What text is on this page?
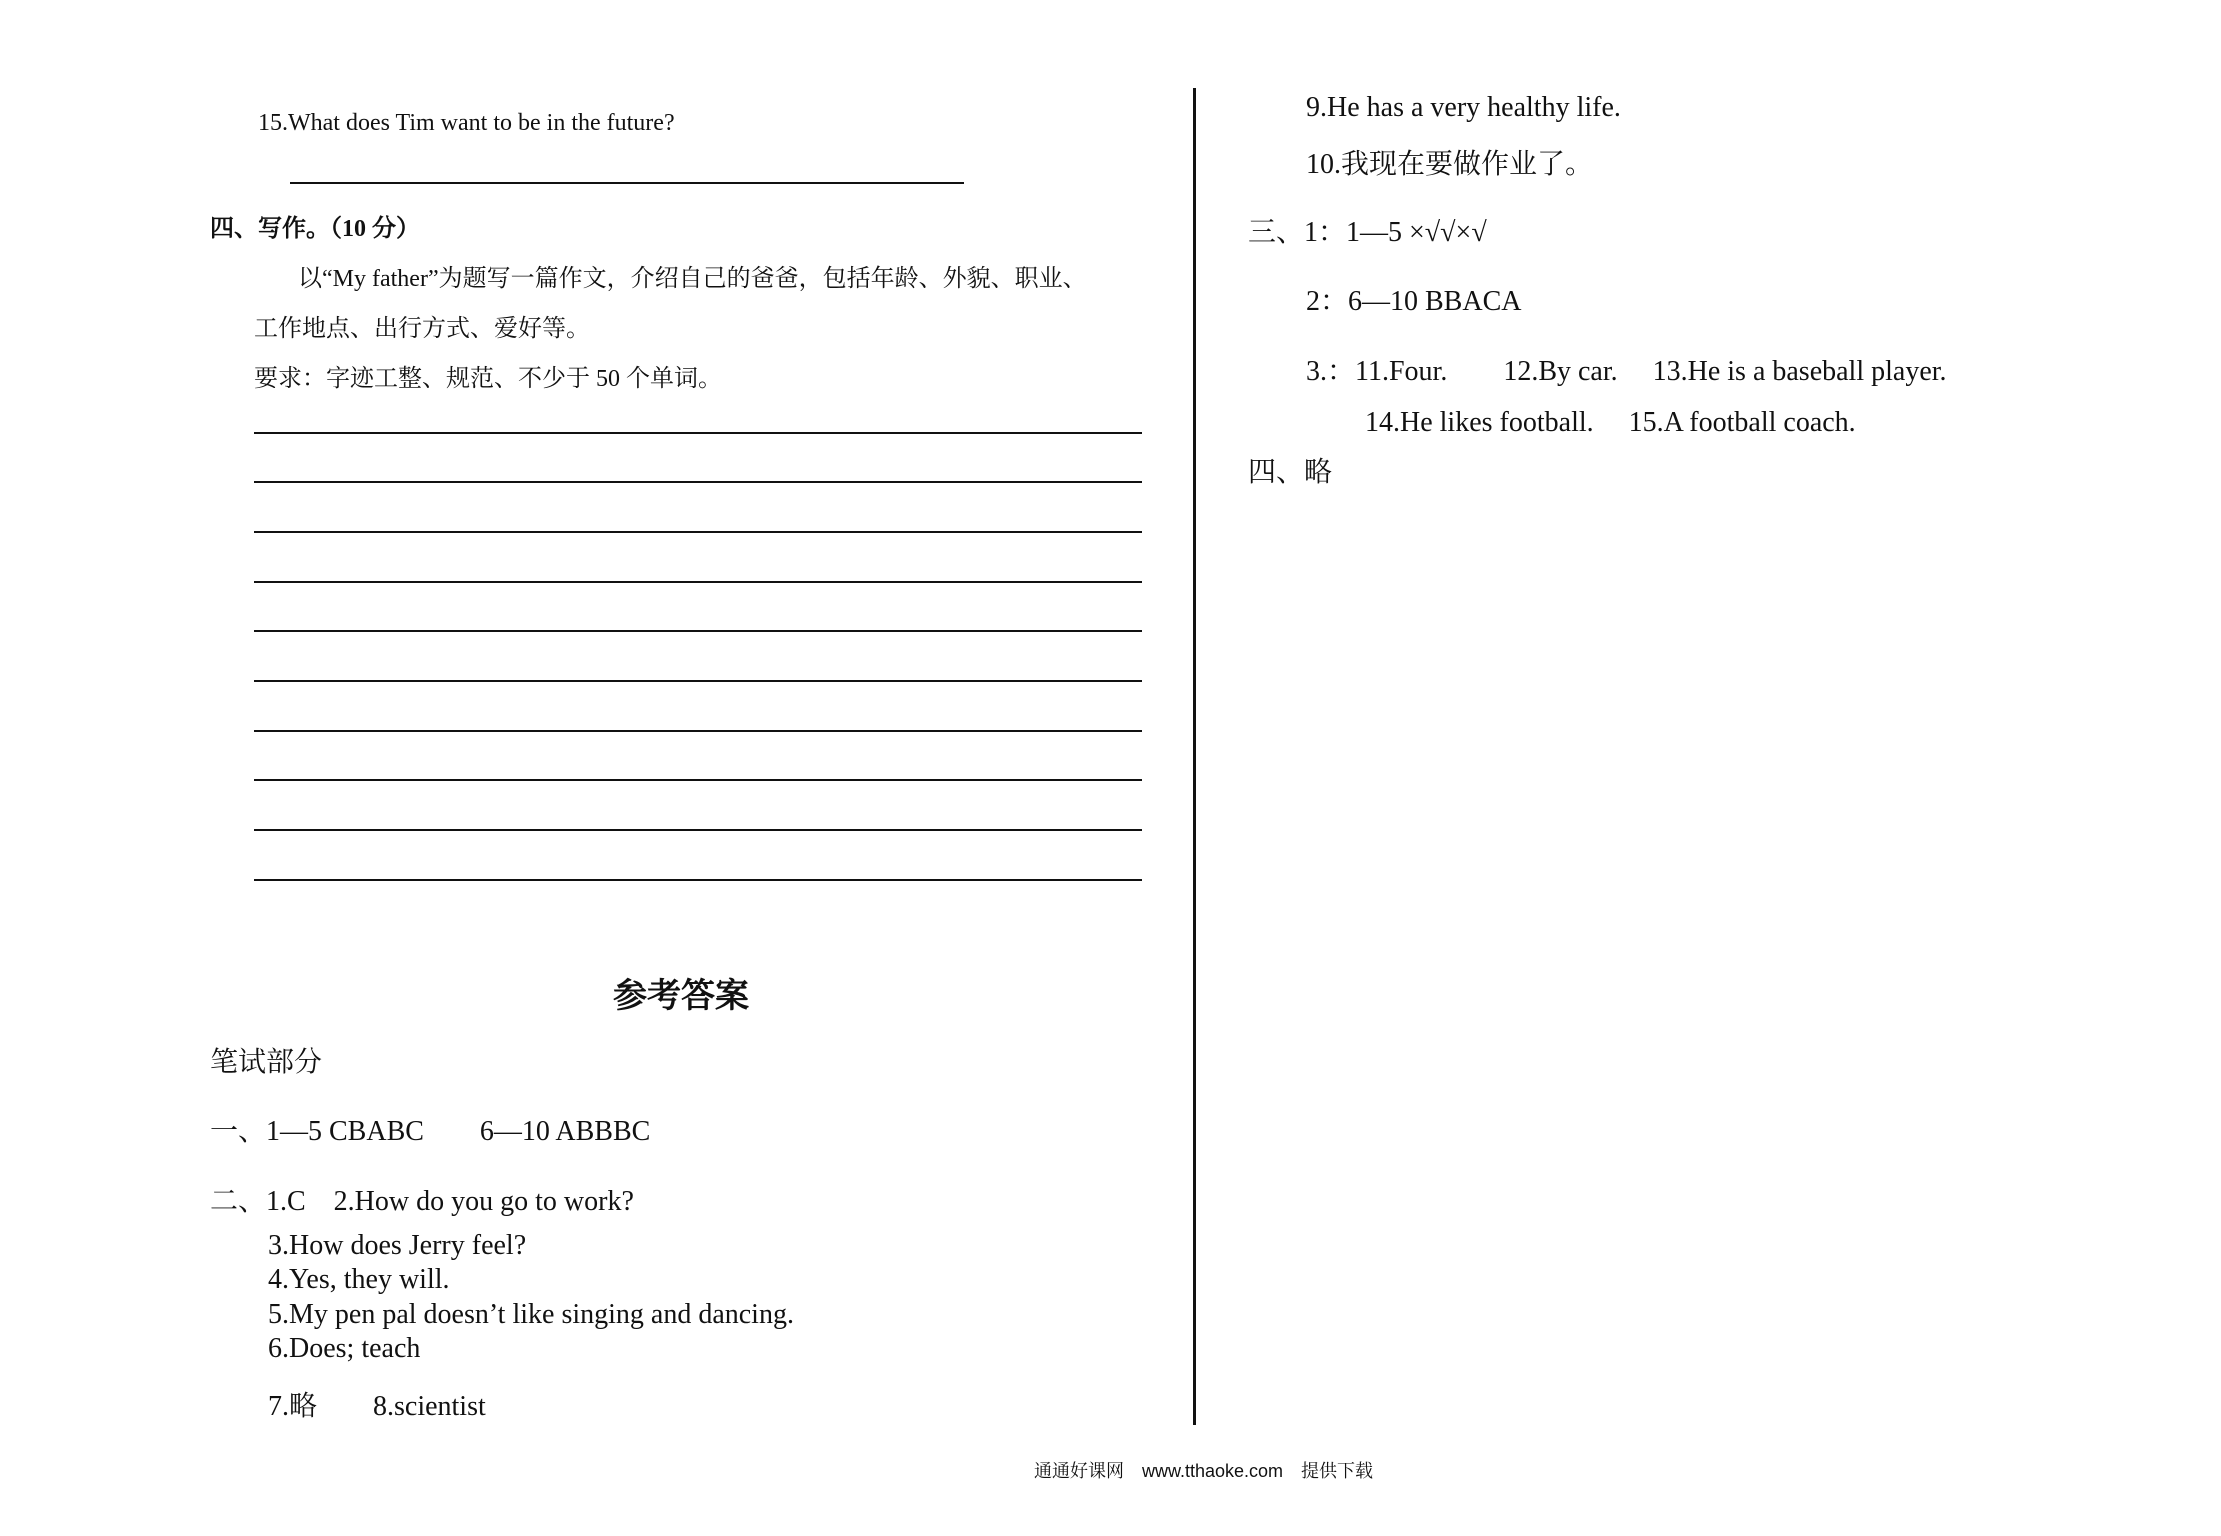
15.What does Tim want to be in the future?
四、写作。（10 分）
以“My father”为题写一篇作文，介绍自己的爸爸，包括年龄、外貌、职业、
工作地点、出行方式、爱好等。
要求：字迹工整、规范、不少于 50 个单词。
参考答案
笔试部分
一、1—5 CBABC　　6—10 ABBBC
二、1.C　2.How do you go to work?
3.How does Jerry feel?
4.Yes, they will.
5.My pen pal doesn’t like singing and dancing.
6.Does; teach
7.略　　8.scientist
9.He has a very healthy life.
10.我现在要做作业了。
三、1：1—5 ×√√×√
2：6—10 BBACA
3.：11.Four.　　12.By car.　 13.He is a baseball player.
14.He likes football.　 15.A football coach.
四、略
通通好课网　www.tthaoke.com　提供下载
